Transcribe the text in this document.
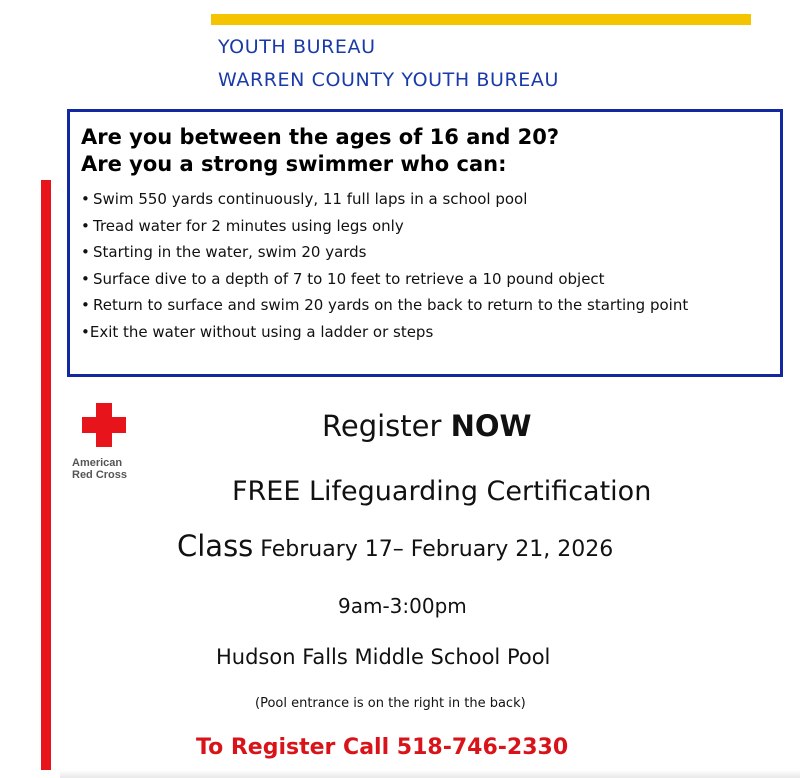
YOUTH BUREAU
WARREN COUNTY YOUTH BUREAU
Are you between the ages of 16 and 20?
Are you a strong swimmer who can:
• Swim 550 yards continuously, 11 full laps in a school pool
• Tread water for 2 minutes using legs only
• Starting in the water, swim 20 yards
• Surface dive to a depth of 7 to 10 feet to retrieve a 10 pound object
• Return to surface and swim 20 yards on the back to return to the starting point
•Exit the water without using a ladder or steps
American
Red Cross
Register NOW
FREE Lifeguarding Certification
Class February 17– February 21, 2026
9am-3:00pm
Hudson Falls Middle School Pool
(Pool entrance is on the right in the back)
To Register Call 518-746-2330
